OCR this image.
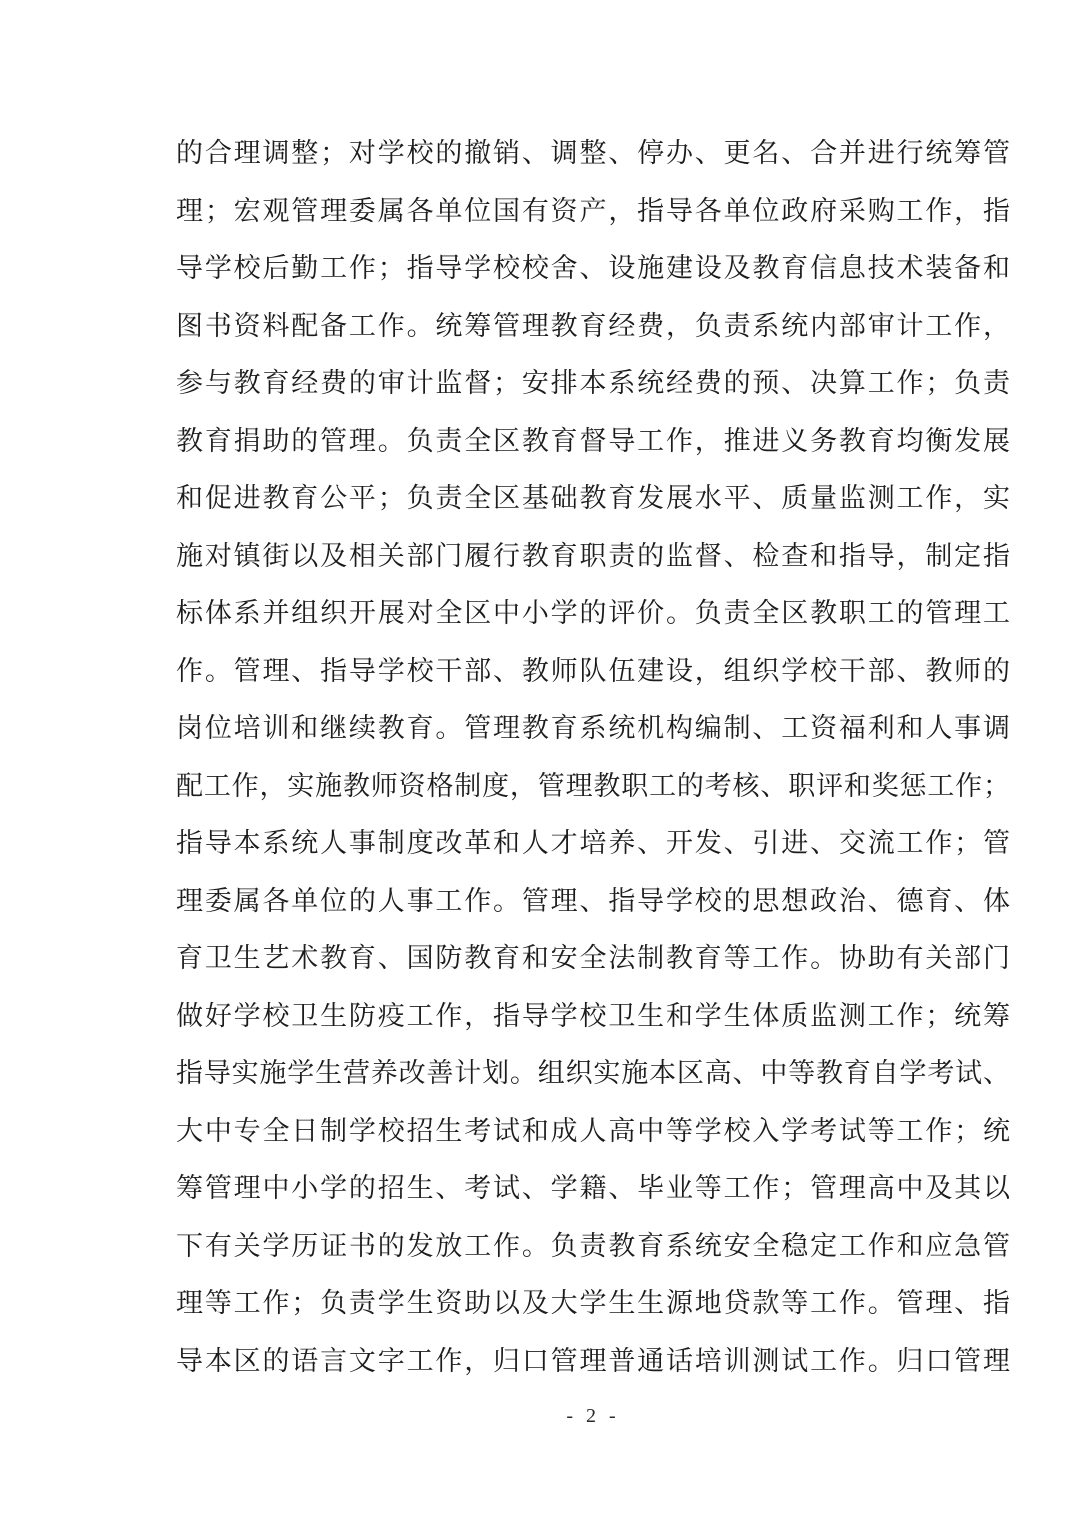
的合理调整；对学校的撤销、调整、停办、更名、合并进行统筹管
理；宏观管理委属各单位国有资产，指导各单位政府采购工作，指
导学校后勤工作；指导学校校舍、设施建设及教育信息技术装备和
图书资料配备工作。统筹管理教育经费，负责系统内部审计工作，
参与教育经费的审计监督；安排本系统经费的预、决算工作；负责
教育捐助的管理。负责全区教育督导工作，推进义务教育均衡发展
和促进教育公平；负责全区基础教育发展水平、质量监测工作，实
施对镇街以及相关部门履行教育职责的监督、检查和指导，制定指
标体系并组织开展对全区中小学的评价。负责全区教职工的管理工
作。管理、指导学校干部、教师队伍建设，组织学校干部、教师的
岗位培训和继续教育。管理教育系统机构编制、工资福利和人事调
配工作，实施教师资格制度，管理教职工的考核、职评和奖惩工作；
指导本系统人事制度改革和人才培养、开发、引进、交流工作；管
理委属各单位的人事工作。管理、指导学校的思想政治、德育、体
育卫生艺术教育、国防教育和安全法制教育等工作。协助有关部门
做好学校卫生防疫工作，指导学校卫生和学生体质监测工作；统筹
指导实施学生营养改善计划。组织实施本区高、中等教育自学考试、
大中专全日制学校招生考试和成人高中等学校入学考试等工作；统
筹管理中小学的招生、考试、学籍、毕业等工作；管理高中及其以
下有关学历证书的发放工作。负责教育系统安全稳定工作和应急管
理等工作；负责学生资助以及大学生生源地贷款等工作。管理、指
导本区的语言文字工作，归口管理普通话培训测试工作。归口管理
- 2 -
